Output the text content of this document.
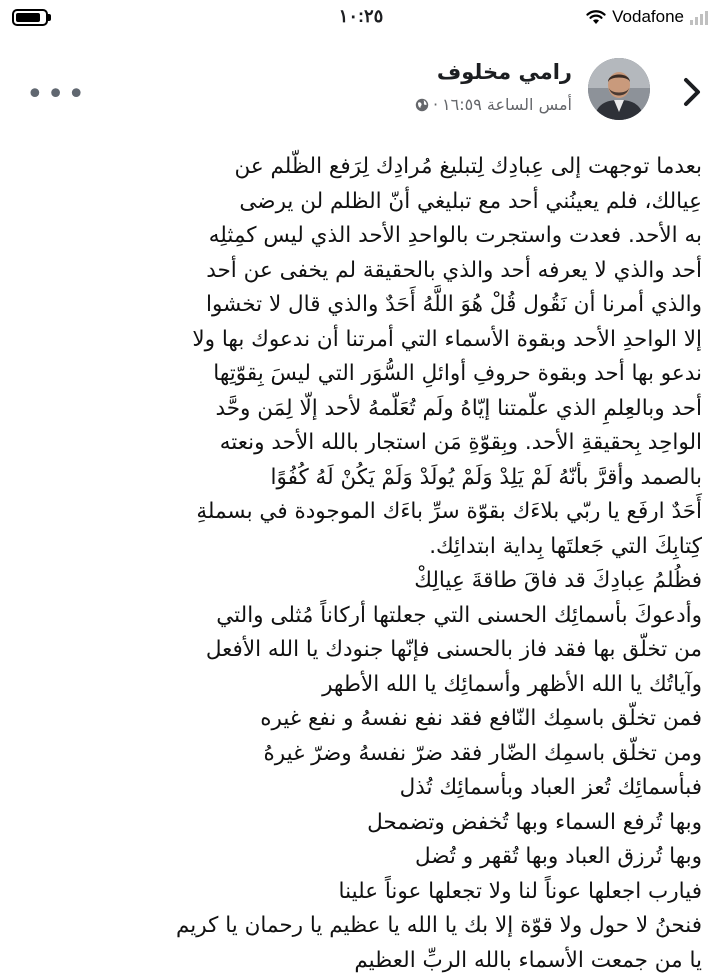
١٠:٢٥	Vodafone
•••
رامي مخلوف
أمس الساعة ١٦:٥٩
·

بعدما توجهت إلى عِبادِك لِتبليغ مُرادِك لِرَفع الظّلم عن

عِيالك، فلم يعينُني أحد مع تبليغي أنّ الظلم لن يرضى

به الأحد. فعدت واستجرت بالواحدِ الأحد الذي ليس كمِثلِه

أحد والذي لا يعرفه أحد والذي بالحقيقة لم يخفى عن أحد

والذي أمرنا أن نَقُول قُلْ هُوَ اللَّهُ أَحَدٌ والذي قال لا تخشوا

إلا الواحدِ الأحد وبقوة الأسماء التي أمرتنا أن ندعوك بها ولا

ندعو بها أحد وبقوة حروفِ أوائلِ السُّوَر التي ليسَ بِقوّتِها

أحد وبالعِلمِ الذي علّمتنا إيّاهُ ولَم تُعَلّمهُ لأحد إلّا لِمَن وحَّد

الواحِد بِحقيقةِ الأحد. وبِقوّةِ مَن استجار بالله الأحد ونعته

بالصمد وأقرَّ بأنّهُ لَمْ يَلِدْ وَلَمْ يُولَدْ وَلَمْ يَكُنْ لَهُ كُفُوًا

أَحَدٌ ارفَع يا ربّي بلاءَك بقوّة سرِّ باءَك الموجودة في بسملةِ

كِتابِكَ التي جَعلتَها بِداية ابتدائِك.

فظُلمُ عِبادِكَ قد فاقَ طاقةَ عِيالِكْ

وأدعوكَ بأسمائِك الحسنى التي جعلتها أركاناً مُثلى والتي

من تخلّق بها فقد فاز بالحسنى فإنّها جنودك يا الله الأفعل

وآياتُك يا الله الأظهر وأسمائِك يا الله الأطهر

فمن تخلّق باسمِك النّافع فقد نفع نفسهُ و نفع غيره

ومن تخلّق باسمِك الضّار فقد ضرّ نفسهُ وضرّ غيرهُ

فبأسمائِك تُعز العباد وبأسمائِك تُذل

وبها تُرفع السماء وبها تُخفض وتضمحل

وبها تُرزق العباد وبها تُقهر و تُضل

فيارب اجعلها عوناً لنا ولا تجعلها عوناً علينا

فنحنُ لا حول ولا قوّة إلا بك يا الله يا عظيم يا رحمان يا كريم

يا من جمعت الأسماء بالله الربِّ العظيم
